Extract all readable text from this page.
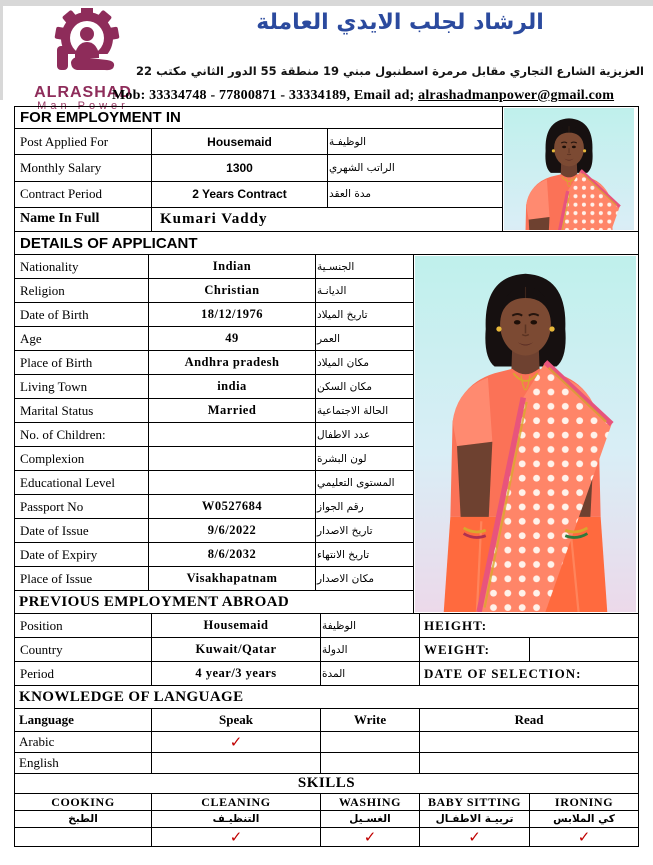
ALRASHAD
Man Power
الرشاد لجلب الايدي العاملة
العزيزية الشارع التجاري مقابل مرمرة اسطنبول مبني 19 منطقة 55 الدور الثاني مكتب 22
Mob: 33334748 - 77800871 - 33334189, Email ad; alrashadmanpower@gmail.com
FOR EMPLOYMENT IN	

Post Applied For	Housemaid	الوظيفـة	
Monthly Salary	1300	الراتب الشهري	
Contract Period	2 Years Contract	مدة العقد	
Name In Full	Kumari Vaddy		
DETAILS OF APPLICANT			
Nationality	Indian	الجنسـية	

Religion	Christian	الديانـة	
Date of Birth	18/12/1976	تاريخ الميلاد	
Age	49	العمر	
Place of Birth	Andhra pradesh	مكان الميلاد	
Living Town	india	مكان السكن	
Marital Status	Married	الحالة الاجتماعية	
No. of Children:		عدد الاطفال	
Complexion		لون البشرة	
Educational Level		المستوى التعليمي	
Passport No	W0527684	رقم الجواز	
Date of Issue	9/6/2022	تاريخ الاصدار	
Date of Expiry	8/6/2032	تاريخ الانتهاء	
Place of Issue	Visakhapatnam	مكان الاصدار	
PREVIOUS EMPLOYMENT ABROAD			
Position	Housemaid	الوظيفة	HEIGHT:	
Country	Kuwait/Qatar	الدولة	WEIGHT:	
Period	4 year/3 years	المدة	DATE OF SELECTION:	
KNOWLEDGE OF LANGUAGE			
Language	Speak	Write	Read
Arabic	✓		
English			
SKILLS				
COOKING	CLEANING	WASHING	BABY SITTING	IRONING
الطبخ	التنظيـف	الغسـيل	تربيـة الاطفـال	كي الملابس
	✓	✓	✓	✓
